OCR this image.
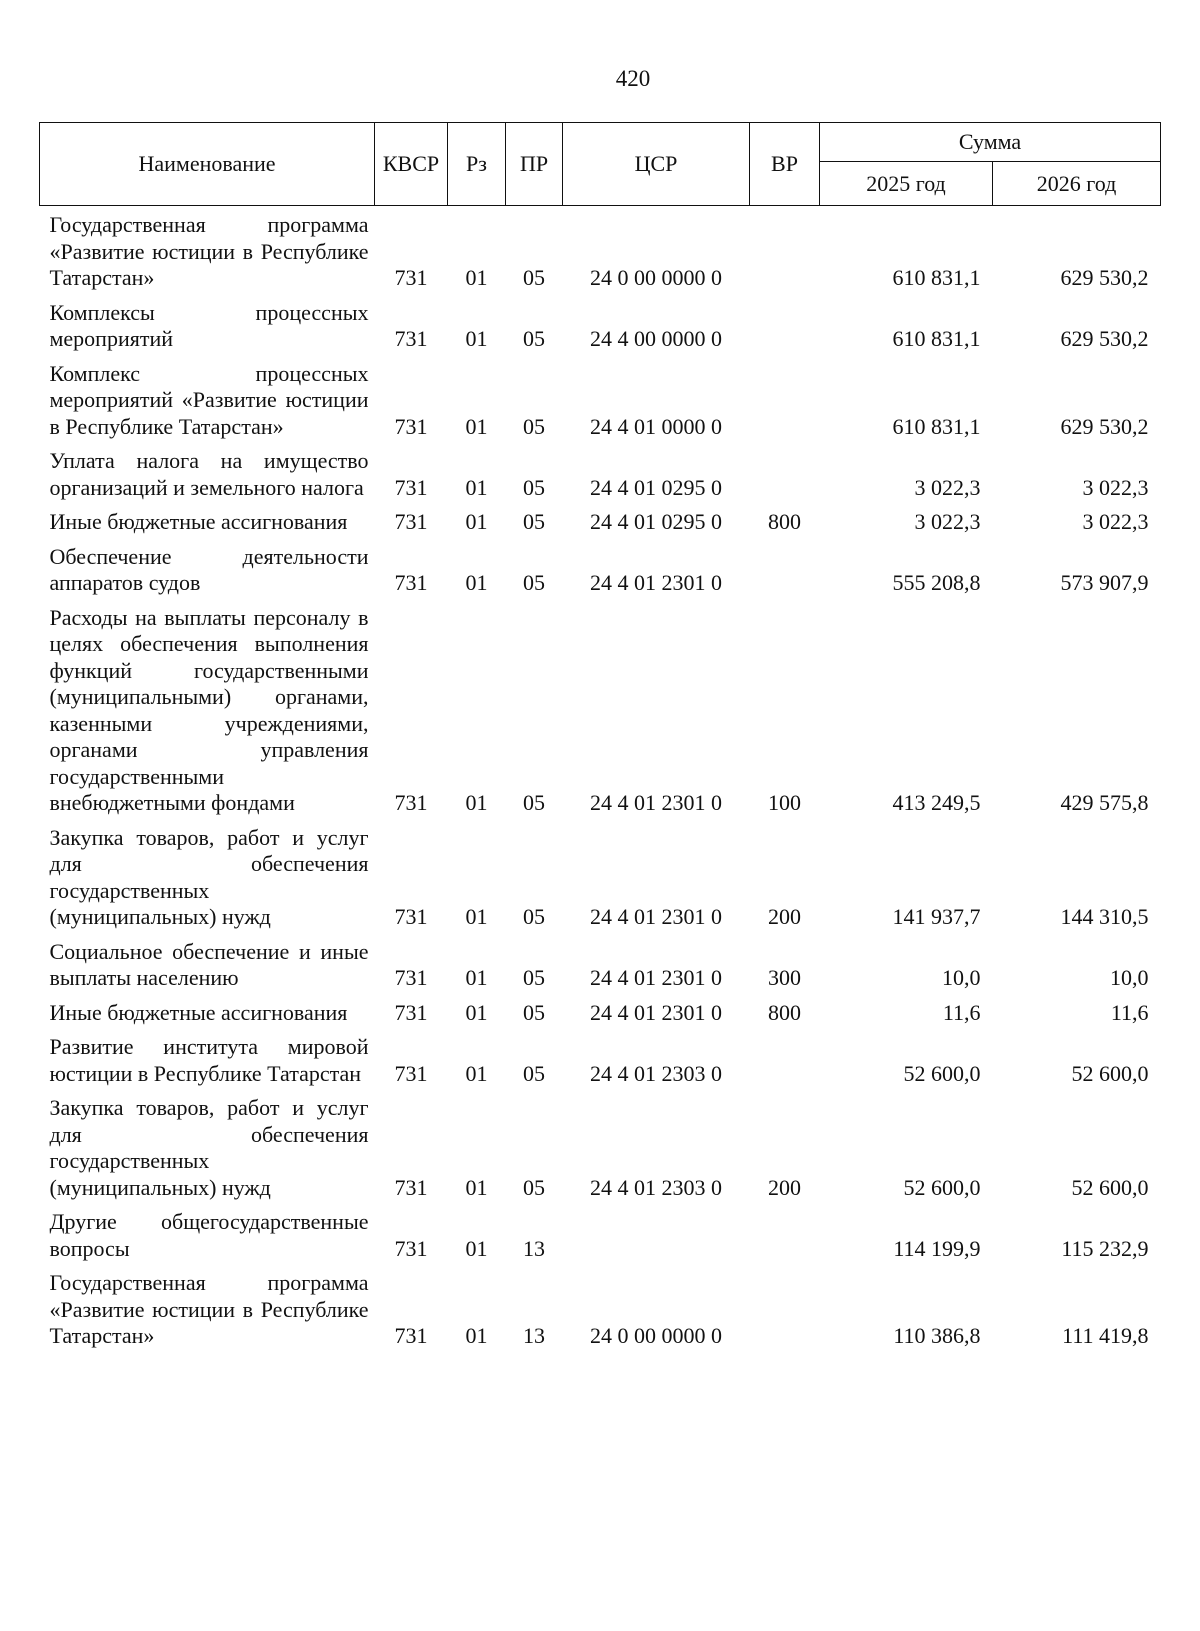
420
Наименование	КВСР	Рз	ПР	ЦСР	ВР	Сумма	
						2025 год	2026 год
Государственная программа «Развитие юстиции в Республике Татарстан»	731	01	05	24 0 00 0000 0		610 831,1	629 530,2
Комплексы процессных мероприятий	731	01	05	24 4 00 0000 0		610 831,1	629 530,2
Комплекс процессных мероприятий «Развитие юстиции в Республике Татарстан»	731	01	05	24 4 01 0000 0		610 831,1	629 530,2
Уплата налога на имущество организаций и земельного налога	731	01	05	24 4 01 0295 0		3 022,3	3 022,3
Иные бюджетные ассигнования	731	01	05	24 4 01 0295 0	800	3 022,3	3 022,3
Обеспечение деятельности аппаратов судов	731	01	05	24 4 01 2301 0		555 208,8	573 907,9
Расходы на выплаты персоналу в целях обеспечения выполнения функций государственными (муниципальными) органами, казенными учреждениями, органами управления государственными внебюджетными фондами	731	01	05	24 4 01 2301 0	100	413 249,5	429 575,8
Закупка товаров, работ и услуг для обеспечения государственных (муниципальных) нужд	731	01	05	24 4 01 2301 0	200	141 937,7	144 310,5
Социальное обеспечение и иные выплаты населению	731	01	05	24 4 01 2301 0	300	10,0	10,0
Иные бюджетные ассигнования	731	01	05	24 4 01 2301 0	800	11,6	11,6
Развитие института мировой юстиции в Республике Татарстан	731	01	05	24 4 01 2303 0		52 600,0	52 600,0
Закупка товаров, работ и услуг для обеспечения государственных (муниципальных) нужд	731	01	05	24 4 01 2303 0	200	52 600,0	52 600,0
Другие общегосударственные вопросы	731	01	13			114 199,9	115 232,9
Государственная программа «Развитие юстиции в Республике Татарстан»	731	01	13	24 0 00 0000 0		110 386,8	111 419,8
